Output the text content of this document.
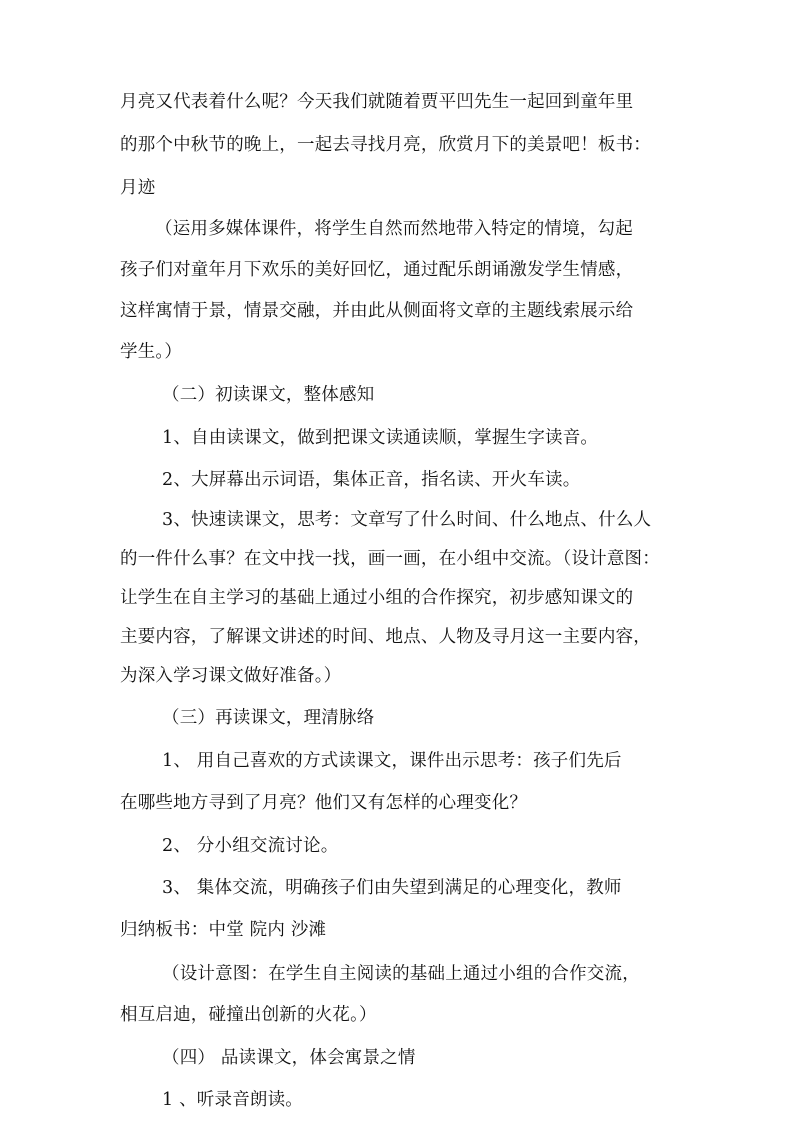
月亮又代表着什么呢？今天我们就随着贾平凹先生一起回到童年里
的那个中秋节的晚上，一起去寻找月亮，欣赏月下的美景吧！板书：
月迹
（运用多媒体课件，将学生自然而然地带入特定的情境，勾起
孩子们对童年月下欢乐的美好回忆，通过配乐朗诵激发学生情感，
这样寓情于景，情景交融，并由此从侧面将文章的主题线索展示给
学生。）
（二）初读课文，整体感知
1、自由读课文，做到把课文读通读顺，掌握生字读音。
2、大屏幕出示词语，集体正音，指名读、开火车读。
3、快速读课文，思考：文章写了什么时间、什么地点、什么人
的一件什么事？在文中找一找，画一画，在小组中交流。（设计意图：
让学生在自主学习的基础上通过小组的合作探究，初步感知课文的
主要内容，了解课文讲述的时间、地点、人物及寻月这一主要内容，
为深入学习课文做好准备。）
（三）再读课文，理清脉络
1、 用自己喜欢的方式读课文，课件出示思考：孩子们先后
在哪些地方寻到了月亮？他们又有怎样的心理变化？
2、 分小组交流讨论。
3、 集体交流，明确孩子们由失望到满足的心理变化，教师
归纳板书：中堂 院内 沙滩
（设计意图：在学生自主阅读的基础上通过小组的合作交流，
相互启迪，碰撞出创新的火花。）
（四） 品读课文，体会寓景之情
1 、听录音朗读。
